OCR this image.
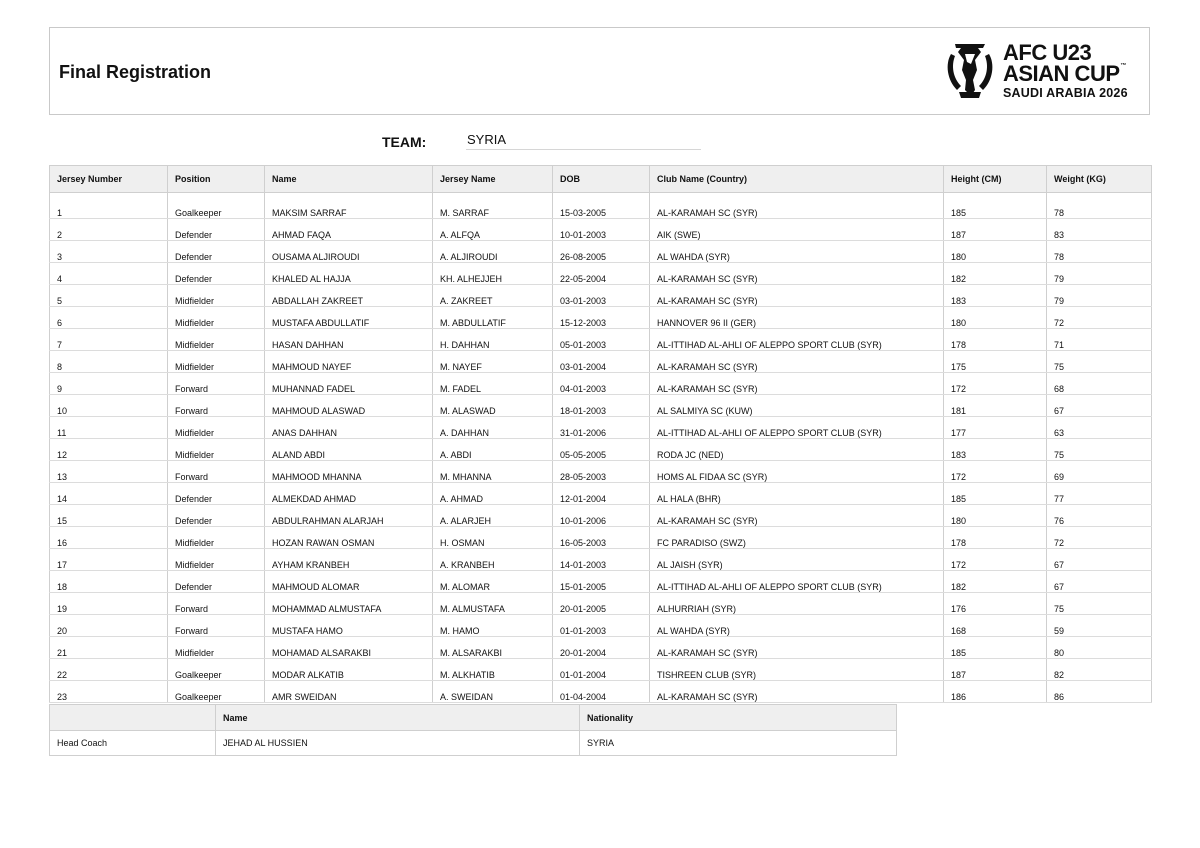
Final Registration
AFC U23
ASIAN CUP™
SAUDI ARABIA 2026
TEAM:	SYRIA
Jersey Number	Position	Name	Jersey Name	DOB	Club Name (Country)	Height (CM)	Weight (KG)
1	Goalkeeper	MAKSIM SARRAF	M. SARRAF	15-03-2005	AL-KARAMAH SC (SYR)	185	78
2	Defender	AHMAD FAQA	A. ALFQA	10-01-2003	AIK (SWE)	187	83
3	Defender	OUSAMA ALJIROUDI	A. ALJIROUDI	26-08-2005	AL WAHDA (SYR)	180	78
4	Defender	KHALED AL HAJJA	KH. ALHEJJEH	22-05-2004	AL-KARAMAH SC (SYR)	182	79
5	Midfielder	ABDALLAH ZAKREET	A. ZAKREET	03-01-2003	AL-KARAMAH SC (SYR)	183	79
6	Midfielder	MUSTAFA ABDULLATIF	M. ABDULLATIF	15-12-2003	HANNOVER 96 II (GER)	180	72
7	Midfielder	HASAN DAHHAN	H. DAHHAN	05-01-2003	AL-ITTIHAD AL-AHLI OF ALEPPO SPORT CLUB (SYR)	178	71
8	Midfielder	MAHMOUD NAYEF	M. NAYEF	03-01-2004	AL-KARAMAH SC (SYR)	175	75
9	Forward	MUHANNAD FADEL	M. FADEL	04-01-2003	AL-KARAMAH SC (SYR)	172	68
10	Forward	MAHMOUD ALASWAD	M. ALASWAD	18-01-2003	AL SALMIYA SC (KUW)	181	67
11	Midfielder	ANAS DAHHAN	A. DAHHAN	31-01-2006	AL-ITTIHAD AL-AHLI OF ALEPPO SPORT CLUB (SYR)	177	63
12	Midfielder	ALAND ABDI	A. ABDI	05-05-2005	RODA JC (NED)	183	75
13	Forward	MAHMOOD MHANNA	M. MHANNA	28-05-2003	HOMS AL FIDAA SC (SYR)	172	69
14	Defender	ALMEKDAD AHMAD	A. AHMAD	12-01-2004	AL HALA (BHR)	185	77
15	Defender	ABDULRAHMAN ALARJAH	A. ALARJEH	10-01-2006	AL-KARAMAH SC (SYR)	180	76
16	Midfielder	HOZAN RAWAN OSMAN	H. OSMAN	16-05-2003	FC PARADISO (SWZ)	178	72
17	Midfielder	AYHAM KRANBEH	A. KRANBEH	14-01-2003	AL JAISH (SYR)	172	67
18	Defender	MAHMOUD ALOMAR	M. ALOMAR	15-01-2005	AL-ITTIHAD AL-AHLI OF ALEPPO SPORT CLUB (SYR)	182	67
19	Forward	MOHAMMAD ALMUSTAFA	M. ALMUSTAFA	20-01-2005	ALHURRIAH (SYR)	176	75
20	Forward	MUSTAFA HAMO	M. HAMO	01-01-2003	AL WAHDA (SYR)	168	59
21	Midfielder	MOHAMAD ALSARAKBI	M. ALSARAKBI	20-01-2004	AL-KARAMAH SC (SYR)	185	80
22	Goalkeeper	MODAR ALKATIB	M. ALKHATIB	01-01-2004	TISHREEN CLUB (SYR)	187	82
23	Goalkeeper	AMR SWEIDAN	A. SWEIDAN	01-04-2004	AL-KARAMAH SC (SYR)	186	86
	Name	Nationality
Head Coach	JEHAD AL HUSSIEN	SYRIA
